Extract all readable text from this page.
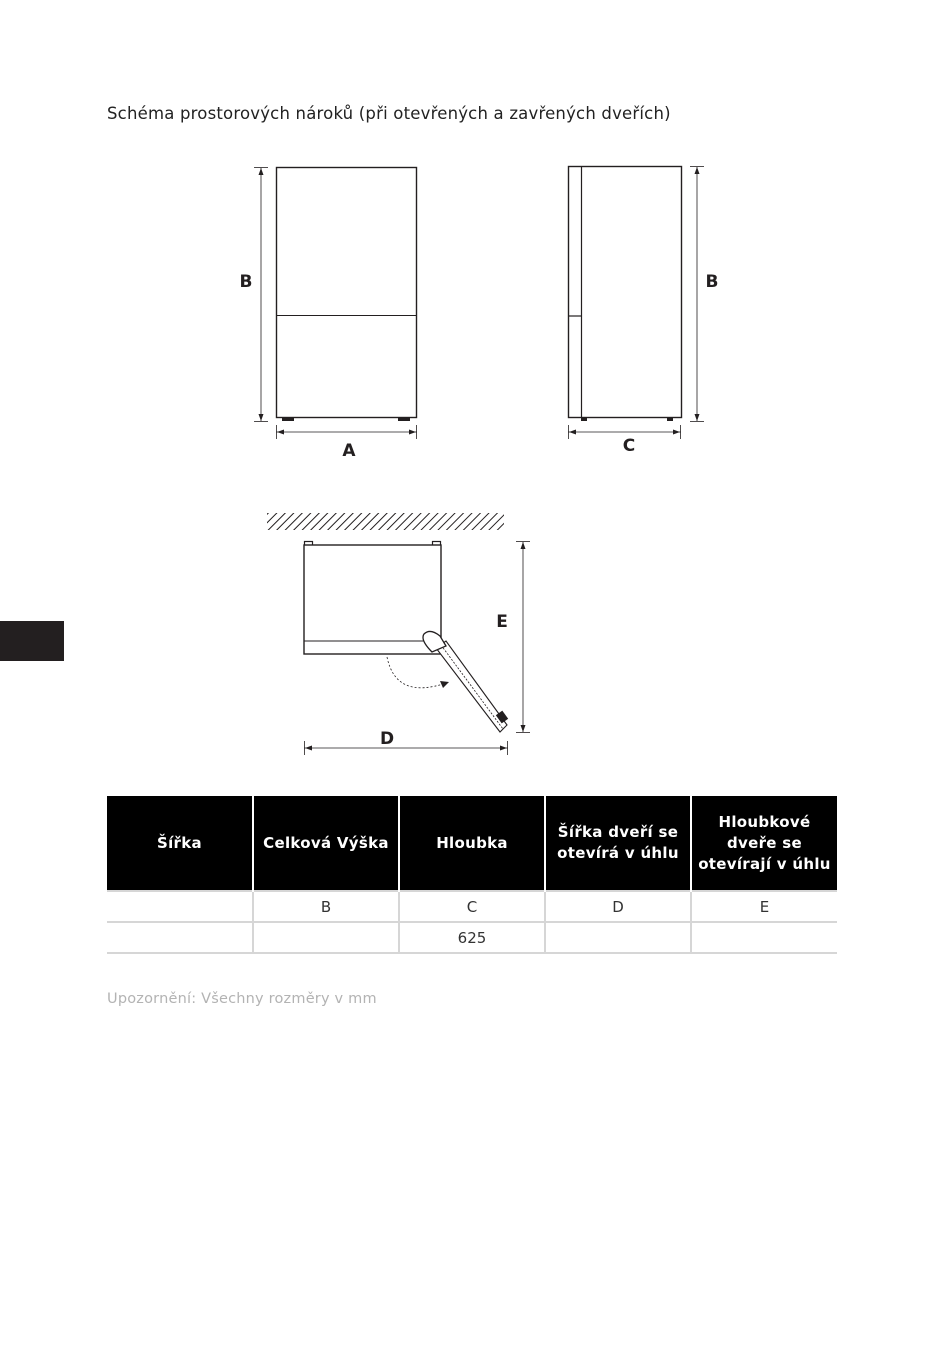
Schéma prostorových nároků (při otevřených a zavřených dveřích)
B
A
B
C
E
D
Šířka	Celková Výška	Hloubka	Šířka dveří se otevírá v úhlu	Hloubkové dveře se otevírají v úhlu
	B	C	D	E
		625		
Upozornění: Všechny rozměry v mm
